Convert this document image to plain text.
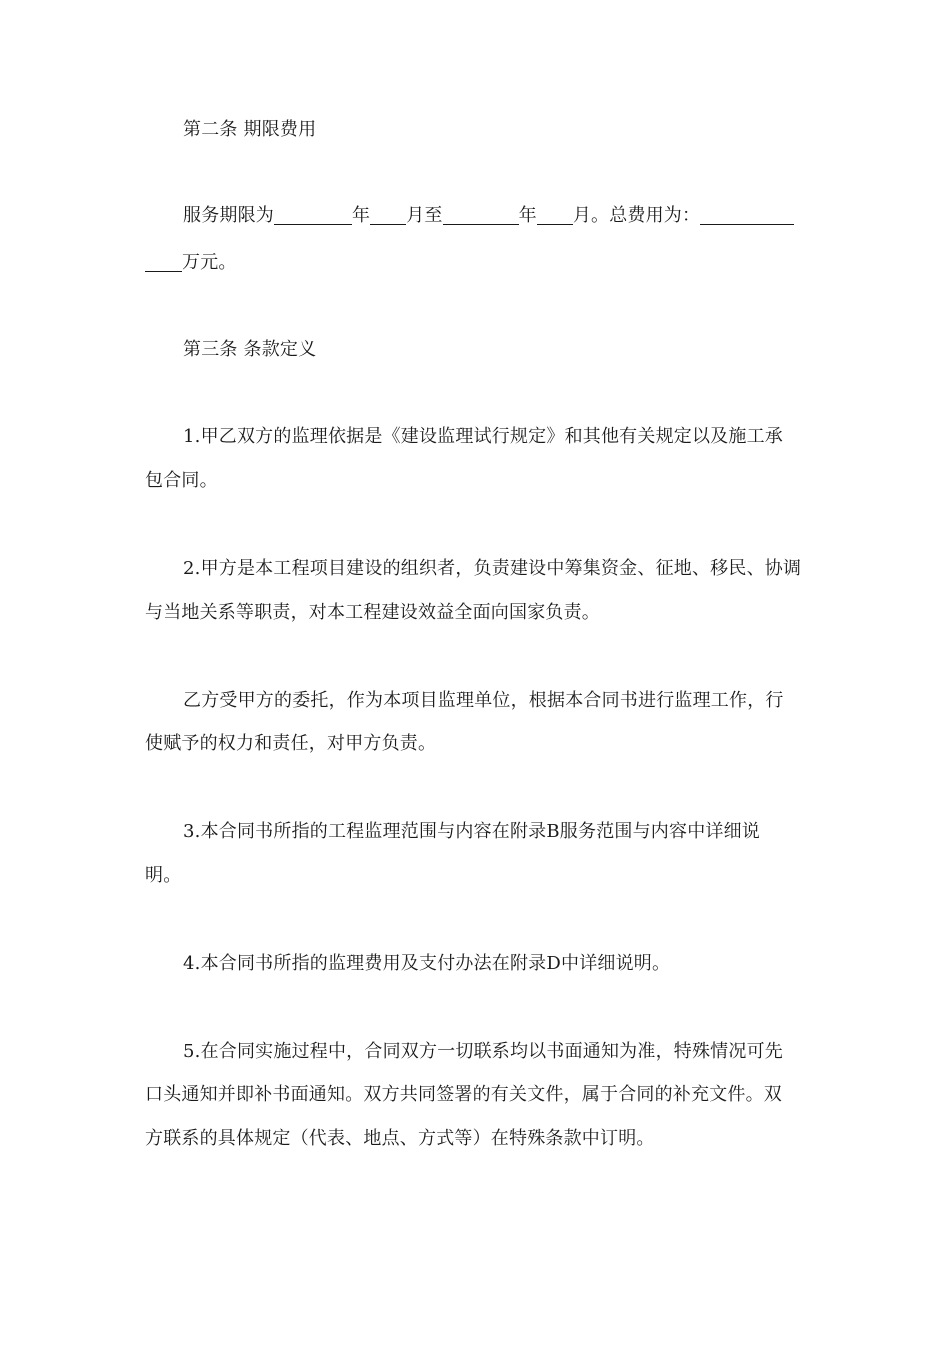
第二条 期限费用
服务期限为	年 月至	年 月。总费用为：
万元。
第三条 条款定义
1.甲乙双方的监理依据是《建设监理试行规定》和其他有关规定以及施工承
包合同。
2.甲方是本工程项目建设的组织者，负责建设中筹集资金、征地、移民、协调
与当地关系等职责，对本工程建设效益全面向国家负责。
乙方受甲方的委托，作为本项目监理单位，根据本合同书进行监理工作，行
使赋予的权力和责任，对甲方负责。
3.本合同书所指的工程监理范围与内容在附录B服务范围与内容中详细说
明。
4.本合同书所指的监理费用及支付办法在附录D中详细说明。
5.在合同实施过程中，合同双方一切联系均以书面通知为准，特殊情况可先
口头通知并即补书面通知。双方共同签署的有关文件，属于合同的补充文件。双
方联系的具体规定（代表、地点、方式等）在特殊条款中订明。
